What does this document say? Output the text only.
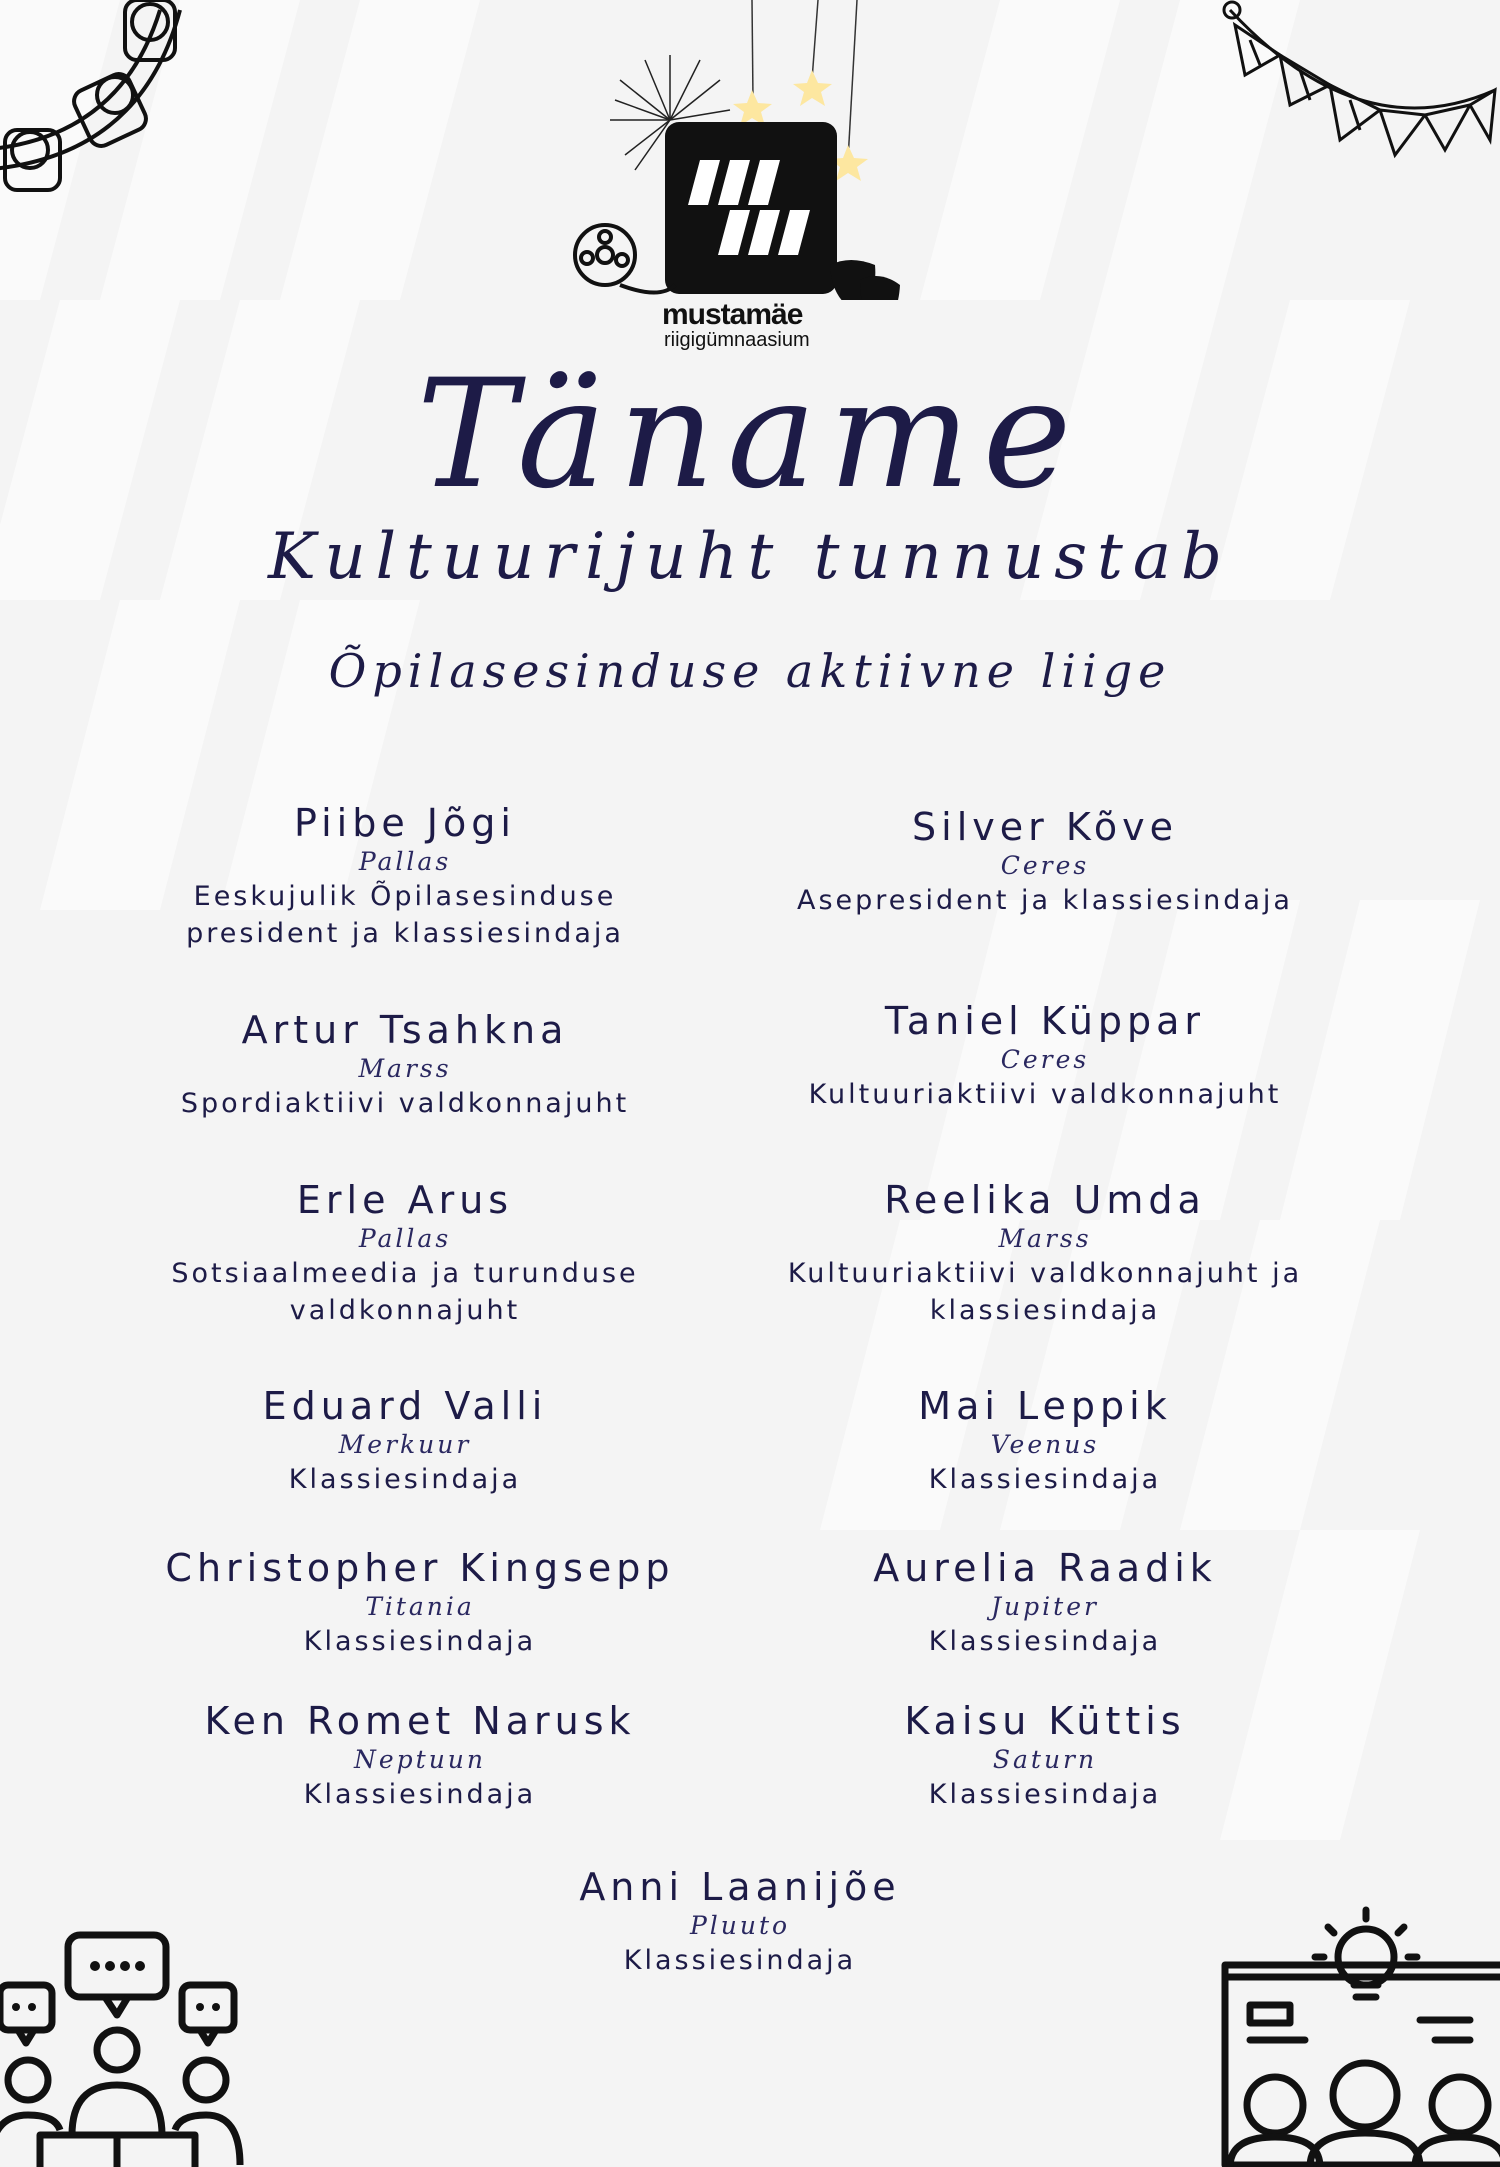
mustamäe
riigigümnaasium
Täname
Kultuurijuht tunnustab
Õpilasesinduse aktiivne liige
Piibe Jõgi
Pallas
Eeskujulik Õpilasesinduse president ja klassiesindaja
Silver Kõve
Ceres
Asepresident ja klassiesindaja
Artur Tsahkna
Marss
Spordiaktiivi valdkonnajuht
Taniel Küppar
Ceres
Kultuuriaktiivi valdkonnajuht
Erle Arus
Pallas
Sotsiaalmeedia ja turunduse valdkonnajuht
Reelika Umda
Marss
Kultuuriaktiivi valdkonnajuht ja klassiesindaja
Eduard Valli
Merkuur
Klassiesindaja
Mai Leppik
Veenus
Klassiesindaja
Christopher Kingsepp
Titania
Klassiesindaja
Aurelia Raadik
Jupiter
Klassiesindaja
Ken Romet Narusk
Neptuun
Klassiesindaja
Kaisu Küttis
Saturn
Klassiesindaja
Anni Laanijõe
Pluuto
Klassiesindaja
